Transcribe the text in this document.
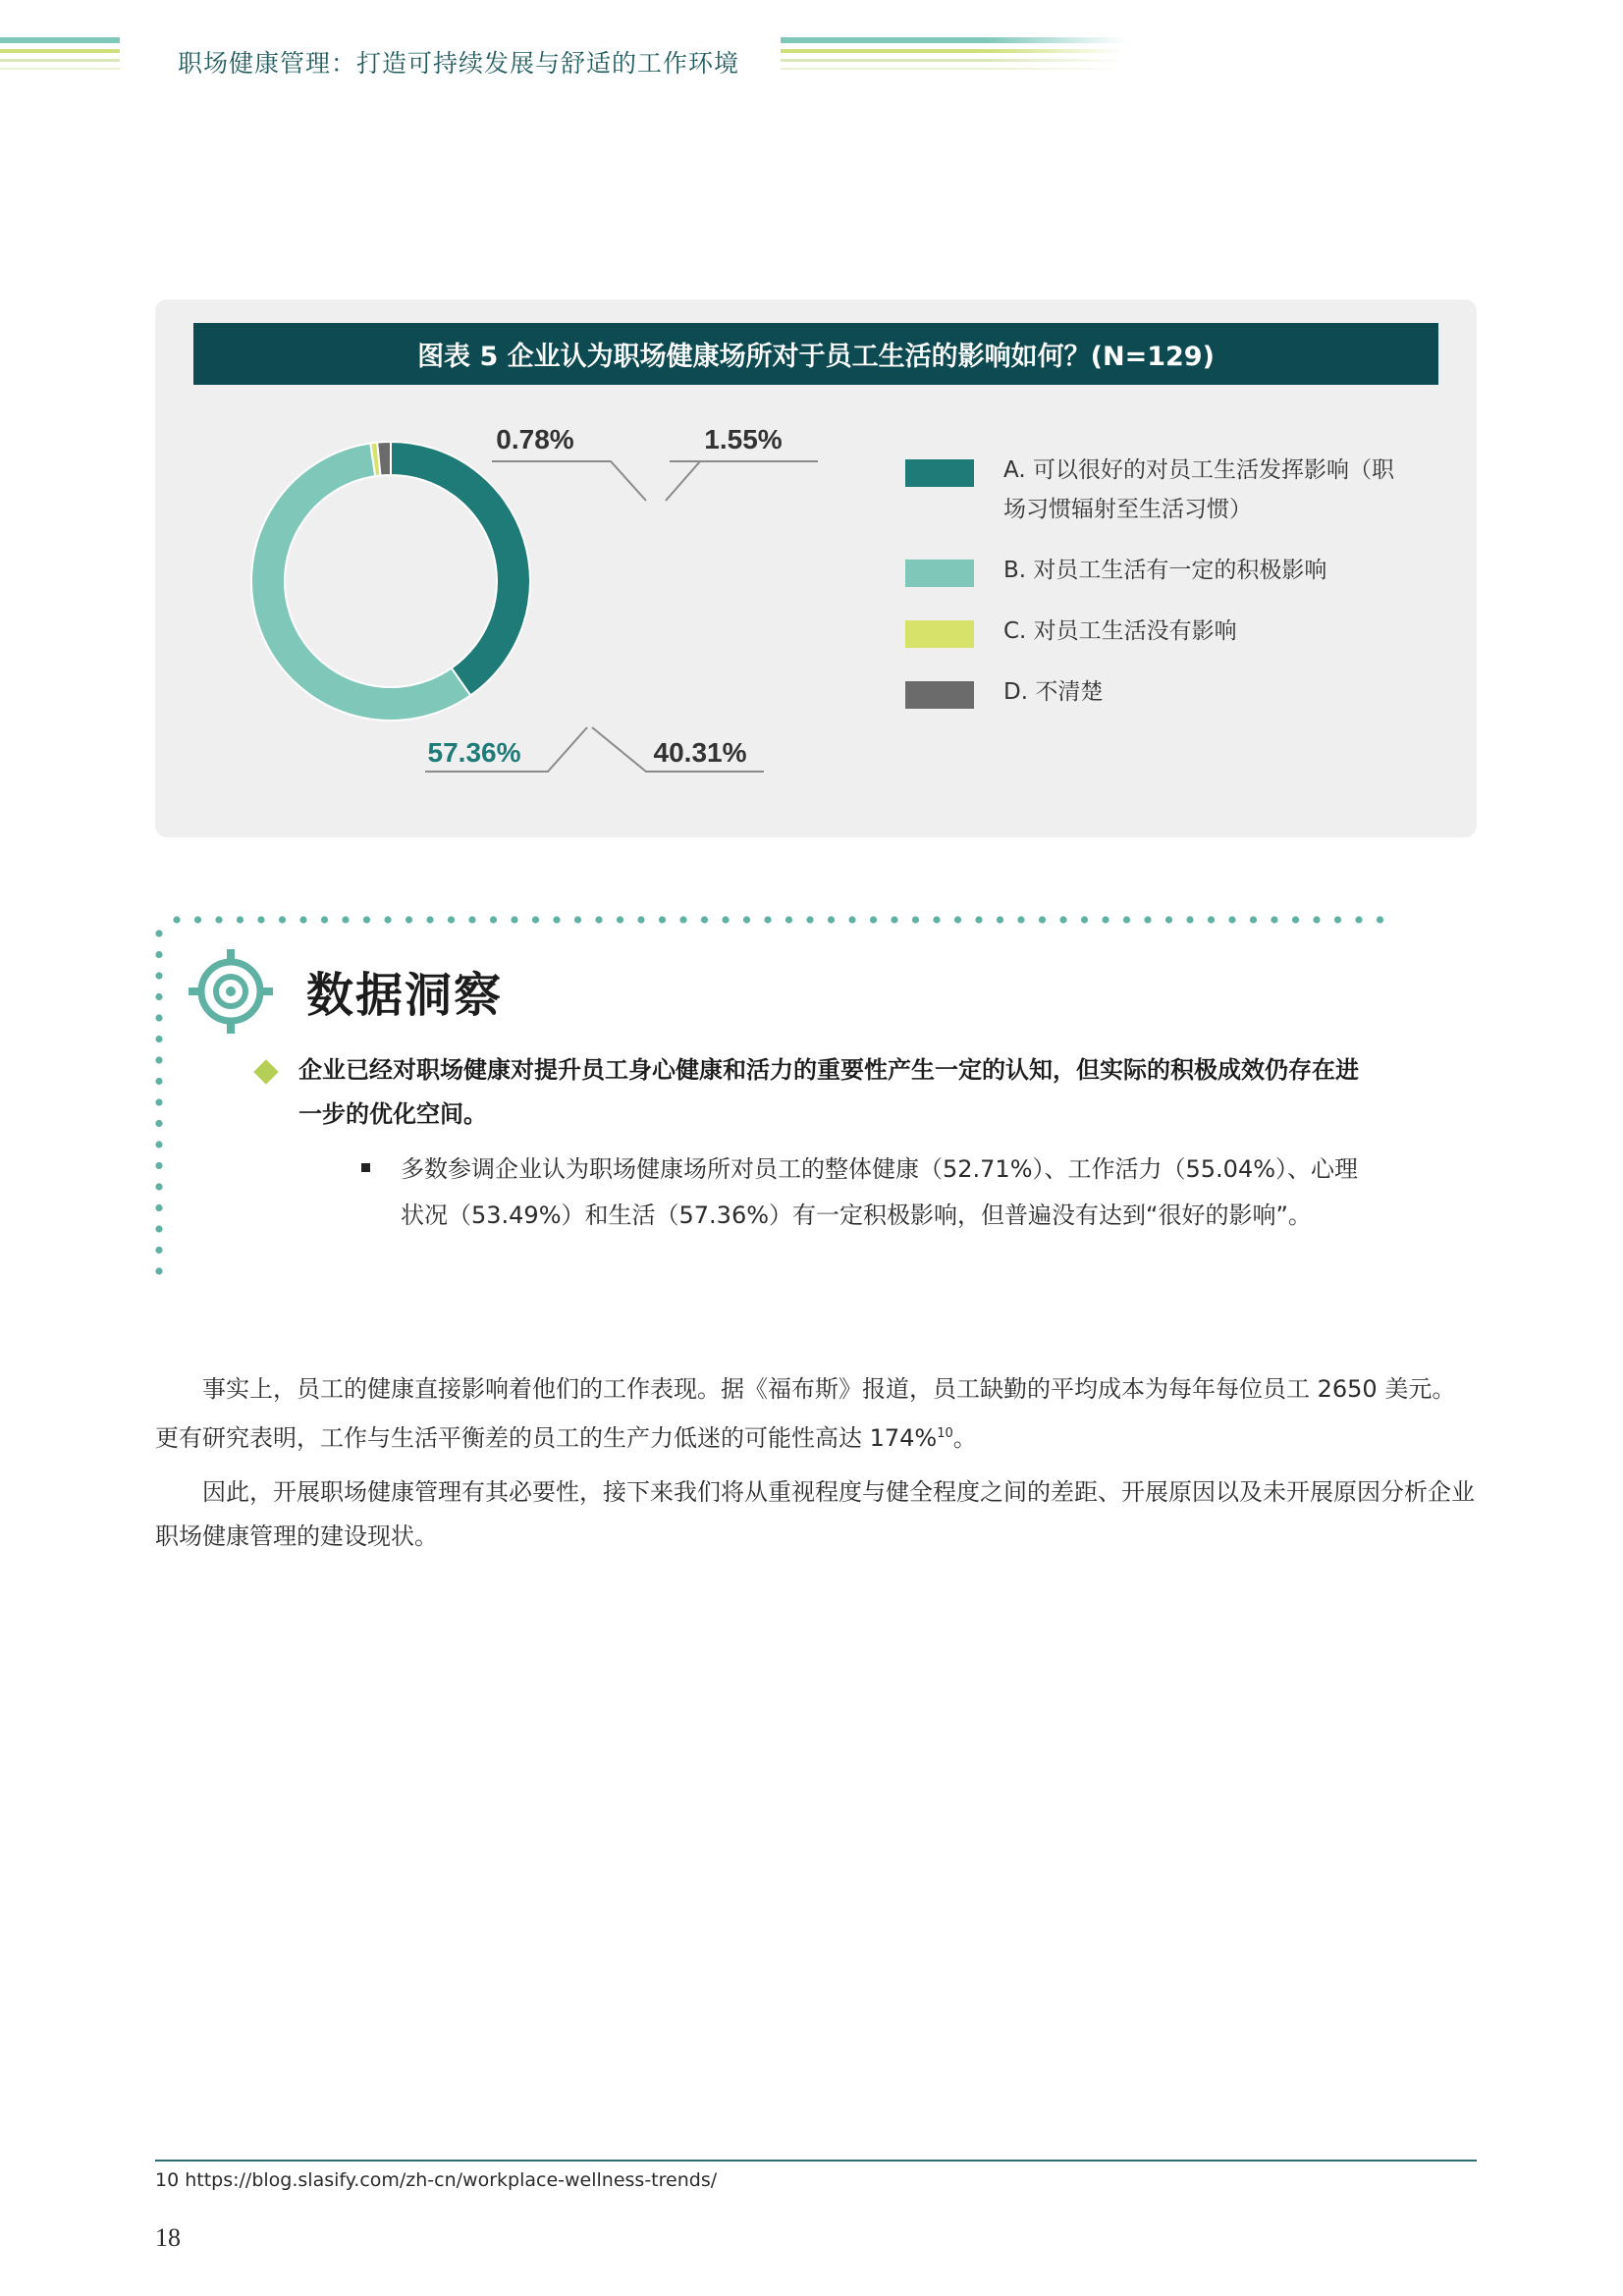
职场健康管理：打造可持续发展与舒适的工作环境
图表 5 企业认为职场健康场所对于员工生活的影响如何？(N=129)
0.78%	1.55%
57.36%	40.31%
A. 可以很好的对员工生活发挥影响（职场习惯辐射至生活习惯）
B. 对员工生活有一定的积极影响
C. 对员工生活没有影响
D. 不清楚
数据洞察
企业已经对职场健康对提升员工身心健康和活力的重要性产生一定的认知，但实际的积极成效仍存在进一步的优化空间。
多数参调企业认为职场健康场所对员工的整体健康（52.71%）、工作活力（55.04%）、心理状况（53.49%）和生活（57.36%）有一定积极影响，但普遍没有达到“很好的影响”。

事实上，员工的健康直接影响着他们的工作表现。据《福布斯》报道，员工缺勤的平均成本为每年每位员工 2650 美元。更有研究表明，工作与生活平衡差的员工的生产力低迷的可能性高达 174%$^{10}$。

因此，开展职场健康管理有其必要性，接下来我们将从重视程度与健全程度之间的差距、开展原因以及未开展原因分析企业职场健康管理的建设现状。

10 https://blog.slasify.com/zh-cn/workplace-wellness-trends/
18
